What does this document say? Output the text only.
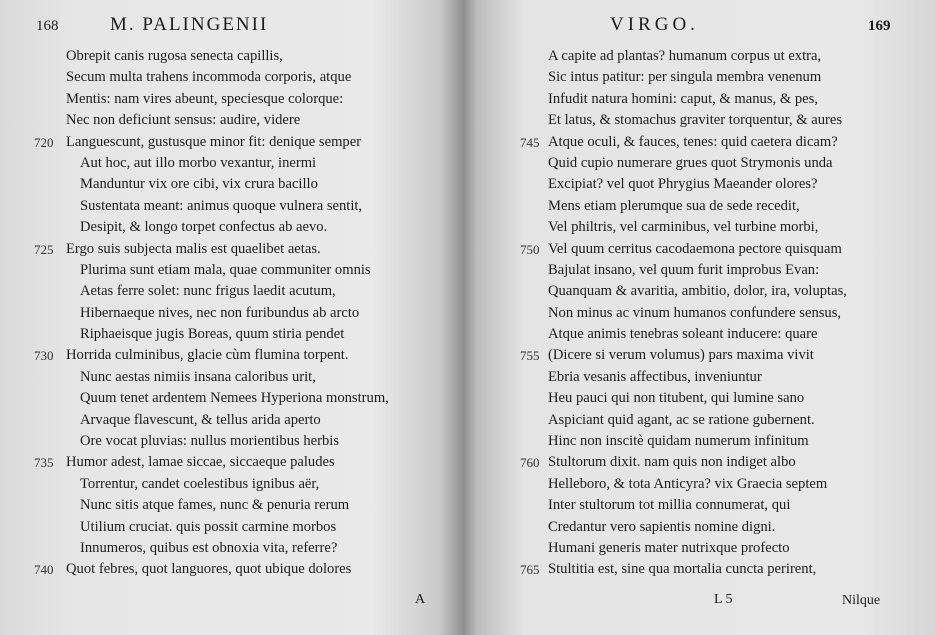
168	M. PALINGENII
Obrepit canis rugosa senecta capillis,
Secum multa trahens incommoda corporis, atque
Mentis: nam vires abeunt, speciesque colorque:
Nec non deficiunt sensus: audire, videre
720 Languescunt, gustusque minor fit: denique semper
Aut hoc, aut illo morbo vexantur, inermi
Manduntur vix ore cibi, vix crura bacillo
Sustentata meant: animus quoque vulnera sentit,
Desipit, & longo torpet confectus ab aevo.
725 Ergo suis subjecta malis est quaelibet aetas.
Plurima sunt etiam mala, quae communiter omnis
Aetas ferre solet: nunc frigus laedit acutum,
Hibernaeque nives, nec non furibundus ab arcto
Riphaeisque jugis Boreas, quum stiria pendet
730 Horrida culminibus, glacie cùm flumina torpent.
Nunc aestas nimiis insana caloribus urit,
Quum tenet ardentem Nemees Hyperiona monstrum,
Arvaque flavescunt, & tellus arida aperto
Ore vocat pluvias: nullus morientibus herbis
735 Humor adest, lamae siccae, siccaeque paludes
Torrentur, candet coelestibus ignibus aër,
Nunc sitis atque fames, nunc & penuria rerum
Utilium cruciat. quis possit carmine morbos
Innumeros, quibus est obnoxia vita, referre?
740 Quot febres, quot languores, quot ubique dolores
A
VIRGO.	169
A capite ad plantas? humanum corpus ut extra,
Sic intus patitur: per singula membra venenum
Infudit natura homini: caput, & manus, & pes,
Et latus, & stomachus graviter torquentur, & aures
745 Atque oculi, & fauces, tenes: quid caetera dicam?
Quid cupio numerare grues quot Strymonis unda
Excipiat? vel quot Phrygius Maeander olores?
Mens etiam plerumque sua de sede recedit,
Vel philtris, vel carminibus, vel turbine morbi,
750 Vel quum cerritus cacodaemona pectore quisquam
Bajulat insano, vel quum furit improbus Evan:
Quanquam & avaritia, ambitio, dolor, ira, voluptas,
Non minus ac vinum humanos confundere sensus,
Atque animis tenebras soleant inducere: quare
755 (Dicere si verum volumus) pars maxima vivit
Ebria vesanis affectibus, inveniuntur
Heu pauci qui non titubent, qui lumine sano
Aspiciant quid agant, ac se ratione gubernent.
Hinc non inscitè quidam numerum infinitum
760 Stultorum dixit. nam quis non indiget albo
Helleboro, & tota Anticyra? vix Graecia septem
Inter stultorum tot millia connumerat, qui
Credantur vero sapientis nomine digni.
Humani generis mater nutrixque profecto
765 Stultitia est, sine qua mortalia cuncta perirent,
L 5	Nilque
